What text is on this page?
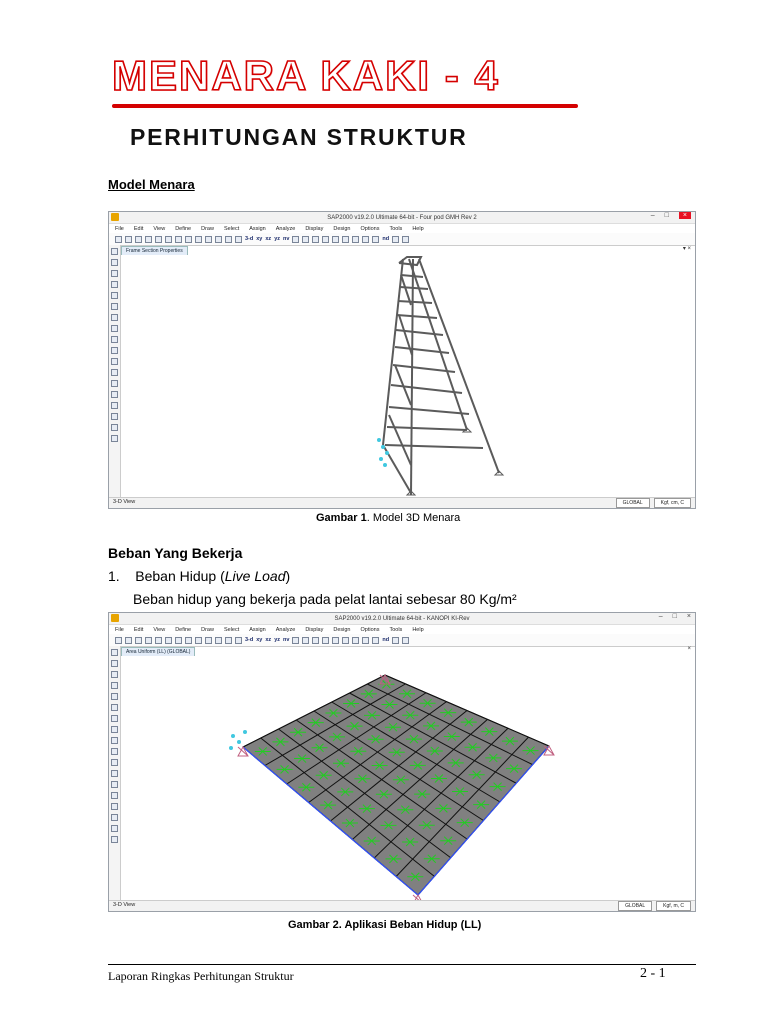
MENARA KAKI - 4
PERHITUNGAN STRUKTUR
Model Menara
SAP2000 v19.2.0 Ultimate 64-bit - Four pod GMH Rev 2	– □	×
File Edit View Define Draw Select Assign Analyze Display Design Options Tools Help
3-d xy xz yz nv	nd
Frame Section Properties	▾ ×
3-D View	GLOBAL	Kgf, cm, C
Gambar 1. Model 3D Menara
Beban Yang Bekerja
1. Beban Hidup (Live Load)
Beban hidup yang bekerja pada pelat lantai sebesar 80 Kg/m²
SAP2000 v19.2.0 Ultimate 64-bit - KANOPI KI-Rev	– □ ×
File Edit View Define Draw Select Assign Analyze Display Design Options Tools Help
3-d xy xz yz nv	nd
Area Uniform (LL) (GLOBAL)	×
3-D View	GLOBAL	Kgf, m, C
Gambar 2. Aplikasi Beban Hidup (LL)
Laporan Ringkas Perhitungan Struktur	2 - 1
